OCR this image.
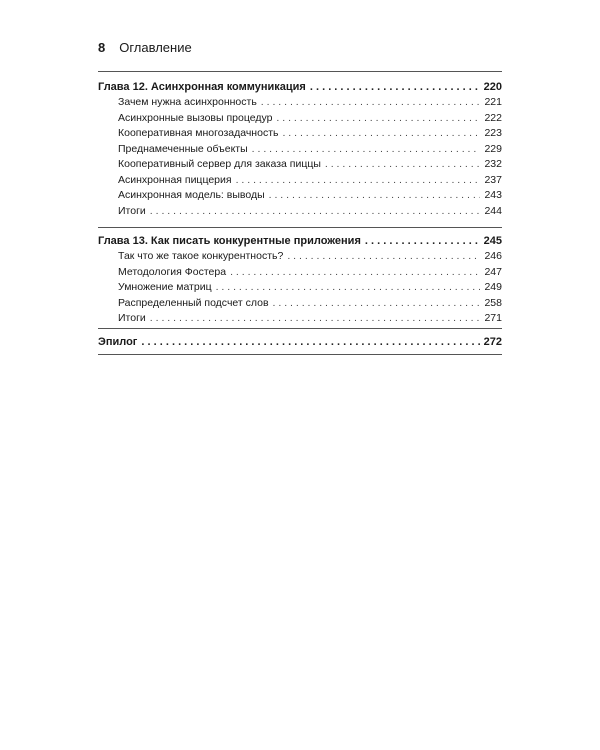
8 Оглавление
Глава 12. Асинхронная коммуникация . . .	220
Зачем нужна асинхронность . . .	221
Асинхронные вызовы процедур . . .	222
Кооперативная многозадачность . . .	223
Преднамеченные объекты . . .	229
Кооперативный сервер для заказа пиццы . . .	232
Асинхронная пиццерия . . .	237
Асинхронная модель: выводы . . .	243
Итоги . . .	244
Глава 13. Как писать конкурентные приложения . . .	245
Так что же такое конкурентность? . . .	246
Методология Фостера . . .	247
Умножение матриц . . .	249
Распределенный подсчет слов . . .	258
Итоги . . .	271
Эпилог . . .	272
